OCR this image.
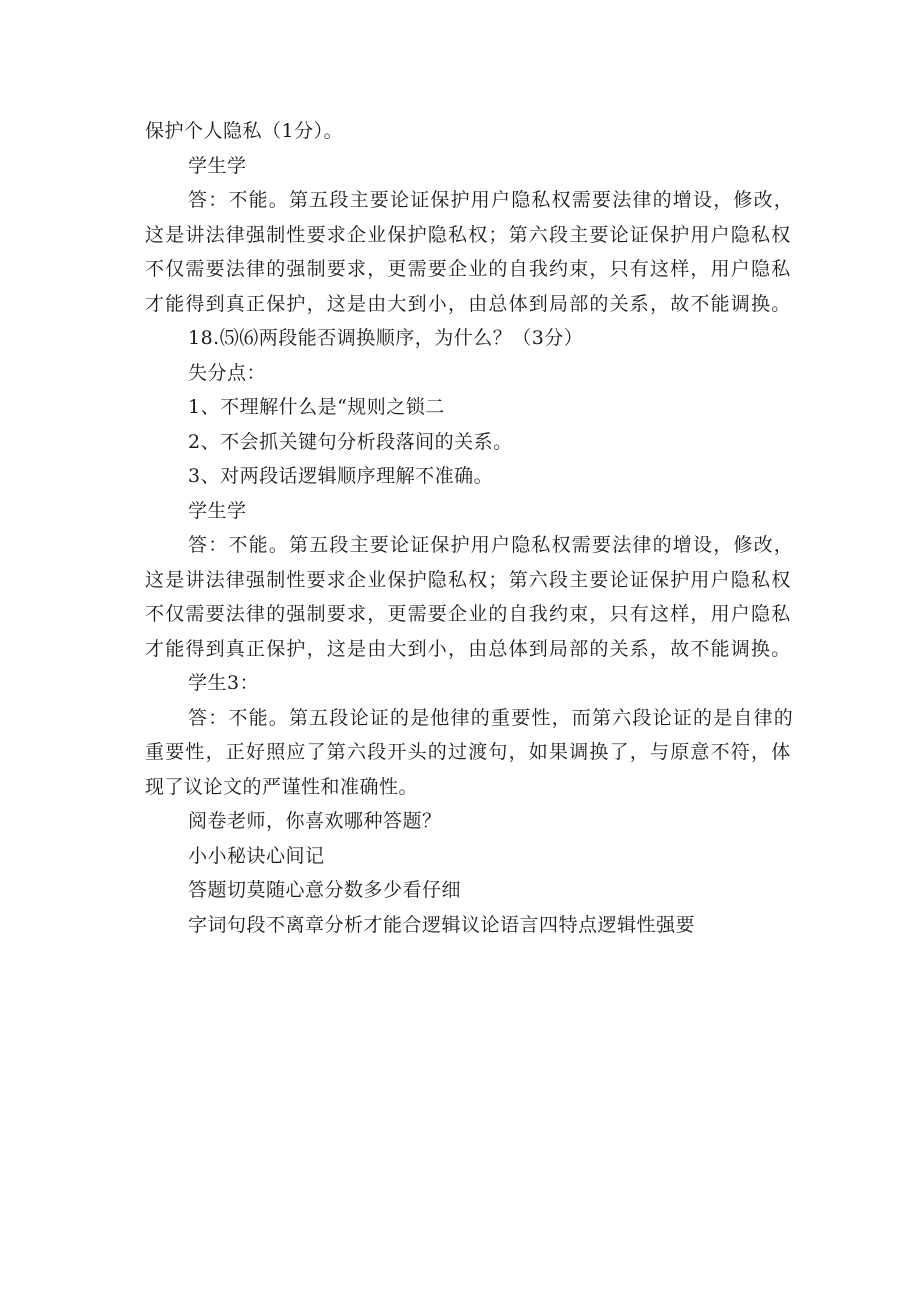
保护个人隐私（1分）。
学生学
答：不能。第五段主要论证保护用户隐私权需要法律的增设，修改，
这是讲法律强制性要求企业保护隐私权；第六段主要论证保护用户隐私权
不仅需要法律的强制要求，更需要企业的自我约束，只有这样，用户隐私
才能得到真正保护，这是由大到小，由总体到局部的关系，故不能调换。
18.⑸⑹两段能否调换顺序，为什么？（3分）
失分点：
1、不理解什么是“规则之锁二
2、不会抓关键句分析段落间的关系。
3、对两段话逻辑顺序理解不准确。
学生学
答：不能。第五段主要论证保护用户隐私权需要法律的增设，修改，
这是讲法律强制性要求企业保护隐私权；第六段主要论证保护用户隐私权
不仅需要法律的强制要求，更需要企业的自我约束，只有这样，用户隐私
才能得到真正保护，这是由大到小，由总体到局部的关系，故不能调换。
学生3：
答：不能。第五段论证的是他律的重要性，而第六段论证的是自律的
重要性，正好照应了第六段开头的过渡句，如果调换了，与原意不符，体
现了议论文的严谨性和准确性。
阅卷老师，你喜欢哪种答题？
小小秘诀心间记
答题切莫随心意分数多少看仔细
字词句段不离章分析才能合逻辑议论语言四特点逻辑性强要
